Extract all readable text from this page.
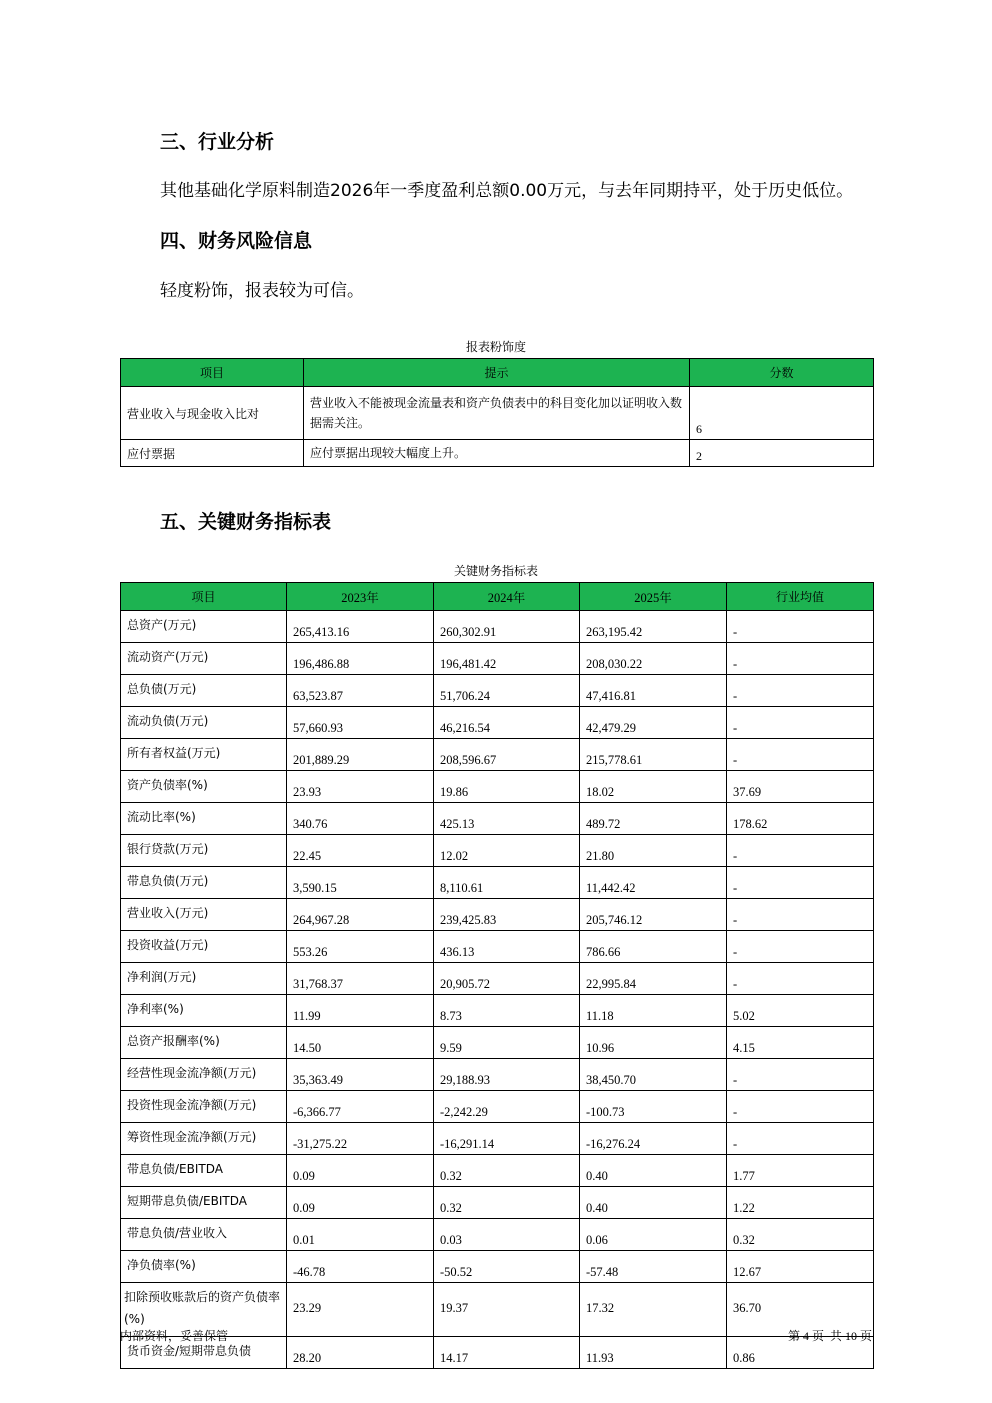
三、行业分析

其他基础化学原料制造2026年一季度盈利总额0.00万元，与去年同期持平，处于历史低位。

四、财务风险信息

轻度粉饰，报表较为可信。

报表粉饰度
项目	提示	分数
营业收入与现金收入比对	营业收入不能被现金流量表和资产负债表中的科目变化加以证明收入数据需关注。	6
应付票据	应付票据出现较大幅度上升。	2
五、关键财务指标表
关键财务指标表
项目	2023年	2024年	2025年	行业均值
总资产(万元)	265,413.16	260,302.91	263,195.42	-
流动资产(万元)	196,486.88	196,481.42	208,030.22	-
总负债(万元)	63,523.87	51,706.24	47,416.81	-
流动负债(万元)	57,660.93	46,216.54	42,479.29	-
所有者权益(万元)	201,889.29	208,596.67	215,778.61	-
资产负债率(%)	23.93	19.86	18.02	37.69
流动比率(%)	340.76	425.13	489.72	178.62
银行贷款(万元)	22.45	12.02	21.80	-
带息负债(万元)	3,590.15	8,110.61	11,442.42	-
营业收入(万元)	264,967.28	239,425.83	205,746.12	-
投资收益(万元)	553.26	436.13	786.66	-
净利润(万元)	31,768.37	20,905.72	22,995.84	-
净利率(%)	11.99	8.73	11.18	5.02
总资产报酬率(%)	14.50	9.59	10.96	4.15
经营性现金流净额(万元)	35,363.49	29,188.93	38,450.70	-
投资性现金流净额(万元)	-6,366.77	-2,242.29	-100.73	-
筹资性现金流净额(万元)	-31,275.22	-16,291.14	-16,276.24	-
带息负债/EBITDA	0.09	0.32	0.40	1.77
短期带息负债/EBITDA	0.09	0.32	0.40	1.22
带息负债/营业收入	0.01	0.03	0.06	0.32
净负债率(%)	-46.78	-50.52	-57.48	12.67
扣除预收账款后的资产负债率(%)	23.29	19.37	17.32	36.70
货币资金/短期带息负债	28.20	14.17	11.93	0.86
内部资料，妥善保管	第 4 页  共 10 页
